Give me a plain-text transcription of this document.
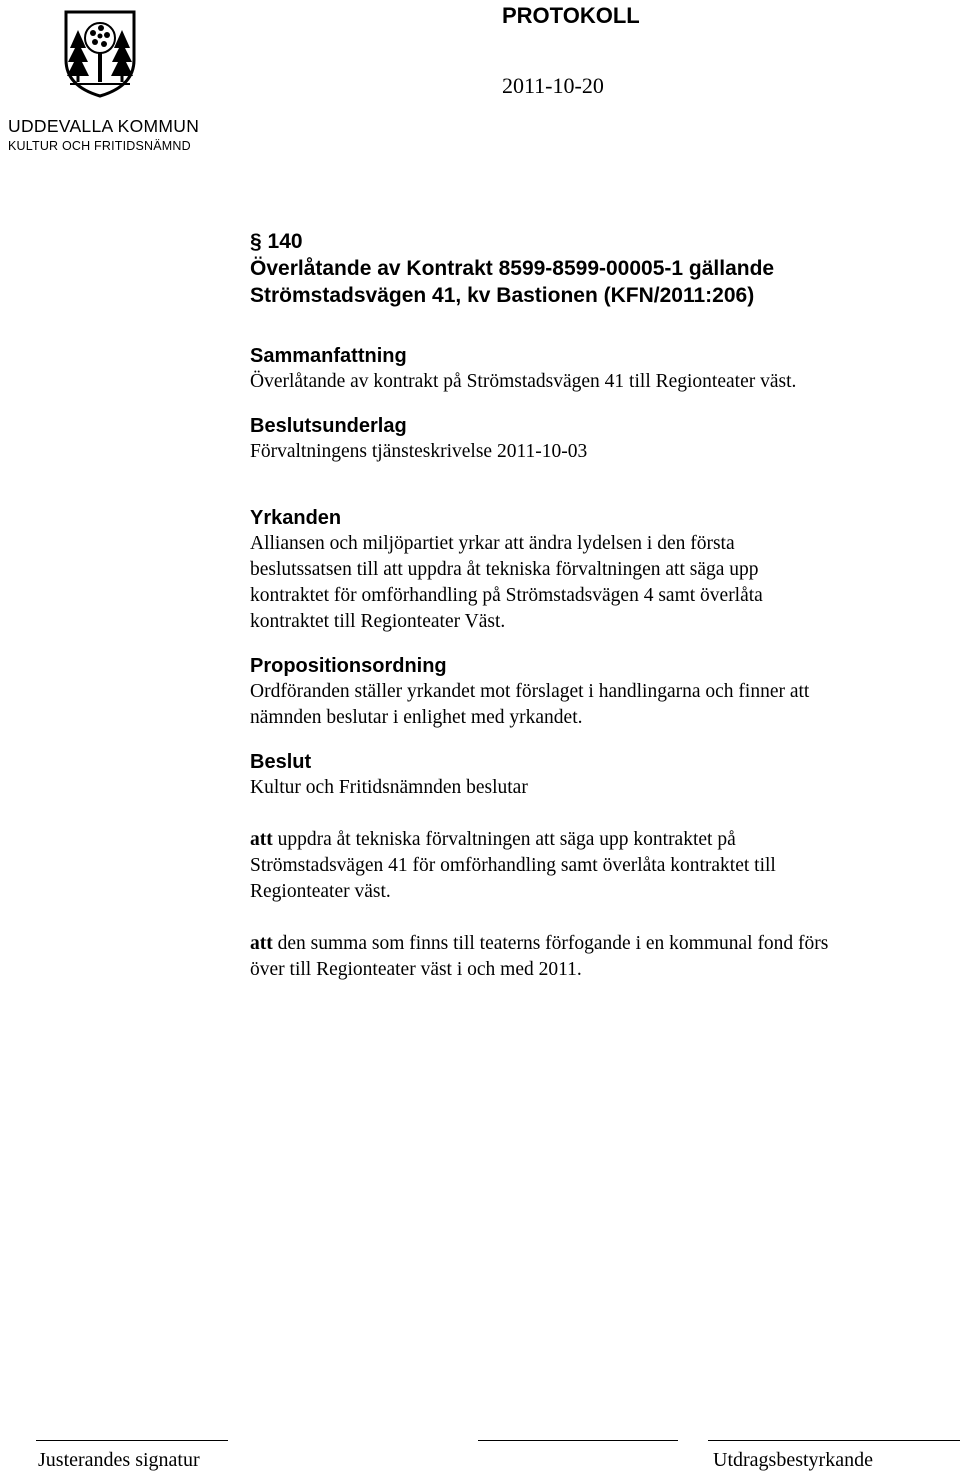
UDDEVALLA KOMMUN
KULTUR OCH FRITIDSNÄMND
PROTOKOLL
2011-10-20
§ 140
Överlåtande av Kontrakt 8599-8599-00005-1 gällande
Strömstadsvägen 41, kv Bastionen (KFN/2011:206)
Sammanfattning
Överlåtande av kontrakt på Strömstadsvägen 41 till Regionteater väst.
Beslutsunderlag
Förvaltningens tjänsteskrivelse 2011-10-03
Yrkanden
Alliansen och miljöpartiet yrkar att ändra lydelsen i den första
beslutssatsen till att uppdra åt tekniska förvaltningen att säga upp
kontraktet för omförhandling på Strömstadsvägen 4 samt överlåta
kontraktet till Regionteater Väst.
Propositionsordning
Ordföranden ställer yrkandet mot förslaget i handlingarna och finner att
nämnden beslutar i enlighet med yrkandet.
Beslut
Kultur och Fritidsnämnden beslutar
att uppdra åt tekniska förvaltningen att säga upp kontraktet på
Strömstadsvägen 41 för omförhandling samt överlåta kontraktet till
Regionteater väst.
att den summa som finns till teaterns förfogande i en kommunal fond förs
över till Regionteater väst i och med 2011.
Justerandes signatur	Utdragsbestyrkande
